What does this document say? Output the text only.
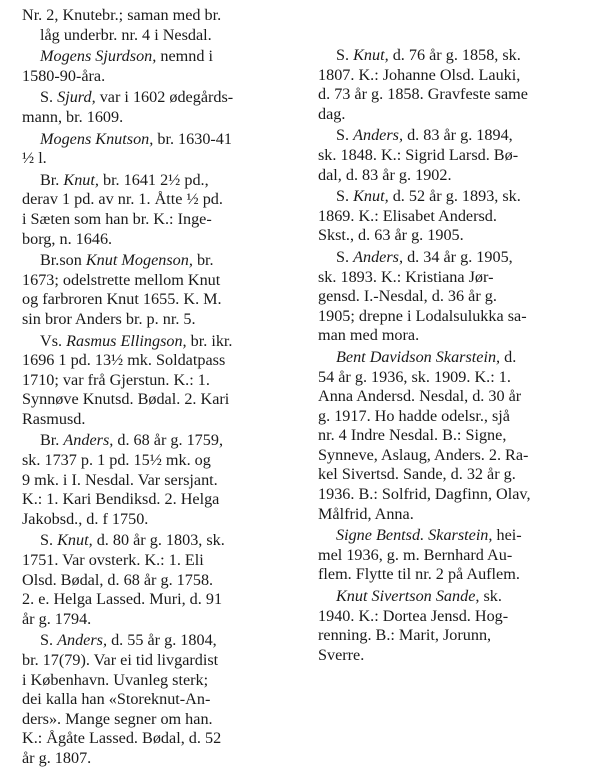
Nr. 2, Knutebr.; saman med br.
låg underbr. nr. 4 i Nesdal.
Mogens Sjurdson, nemnd i
1580-90-åra.
S. Sjurd, var i 1602 ødegårds-
mann, br. 1609.
Mogens Knutson, br. 1630-41
½ l.
Br. Knut, br. 1641 2½ pd.,
derav 1 pd. av nr. 1. Åtte ½ pd.
i Sæten som han br. K.: Inge-
borg, n. 1646.
Br.son Knut Mogenson, br.
1673; odelstrette mellom Knut
og farbroren Knut 1655. K. M.
sin bror Anders br. p. nr. 5.
Vs. Rasmus Ellingson, br. ikr.
1696 1 pd. 13½ mk. Soldatpass
1710; var frå Gjerstun. K.: 1.
Synnøve Knutsd. Bødal. 2. Kari
Rasmusd.
Br. Anders, d. 68 år g. 1759,
sk. 1737 p. 1 pd. 15½ mk. og
9 mk. i I. Nesdal. Var sersjant.
K.: 1. Kari Bendiksd. 2. Helga
Jakobsd., d. f 1750.
S. Knut, d. 80 år g. 1803, sk.
1751. Var ovsterk. K.: 1. Eli
Olsd. Bødal, d. 68 år g. 1758.
2. e. Helga Lassed. Muri, d. 91
år g. 1794.
S. Anders, d. 55 år g. 1804,
br. 17(79). Var ei tid livgardist
i København. Uvanleg sterk;
dei kalla han «Storeknut-An-
ders». Mange segner om han.
K.: Ågåte Lassed. Bødal, d. 52
år g. 1807.
S. Knut, d. 76 år g. 1858, sk.
1807. K.: Johanne Olsd. Lauki,
d. 73 år g. 1858. Gravfeste same
dag.
S. Anders, d. 83 år g. 1894,
sk. 1848. K.: Sigrid Larsd. Bø-
dal, d. 83 år g. 1902.
S. Knut, d. 52 år g. 1893, sk.
1869. K.: Elisabet Andersd.
Skst., d. 63 år g. 1905.
S. Anders, d. 34 år g. 1905,
sk. 1893. K.: Kristiana Jør-
gensd. I.-Nesdal, d. 36 år g.
1905; drepne i Lodalsulukka sa-
man med mora.
Bent Davidson Skarstein, d.
54 år g. 1936, sk. 1909. K.: 1.
Anna Andersd. Nesdal, d. 30 år
g. 1917. Ho hadde odelsr., sjå
nr. 4 Indre Nesdal. B.: Signe,
Synneve, Aslaug, Anders. 2. Ra-
kel Sivertsd. Sande, d. 32 år g.
1936. B.: Solfrid, Dagfinn, Olav,
Målfrid, Anna.
Signe Bentsd. Skarstein, hei-
mel 1936, g. m. Bernhard Au-
flem. Flytte til nr. 2 på Auflem.
Knut Sivertson Sande, sk.
1940. K.: Dortea Jensd. Hog-
renning. B.: Marit, Jorunn,
Sverre.
